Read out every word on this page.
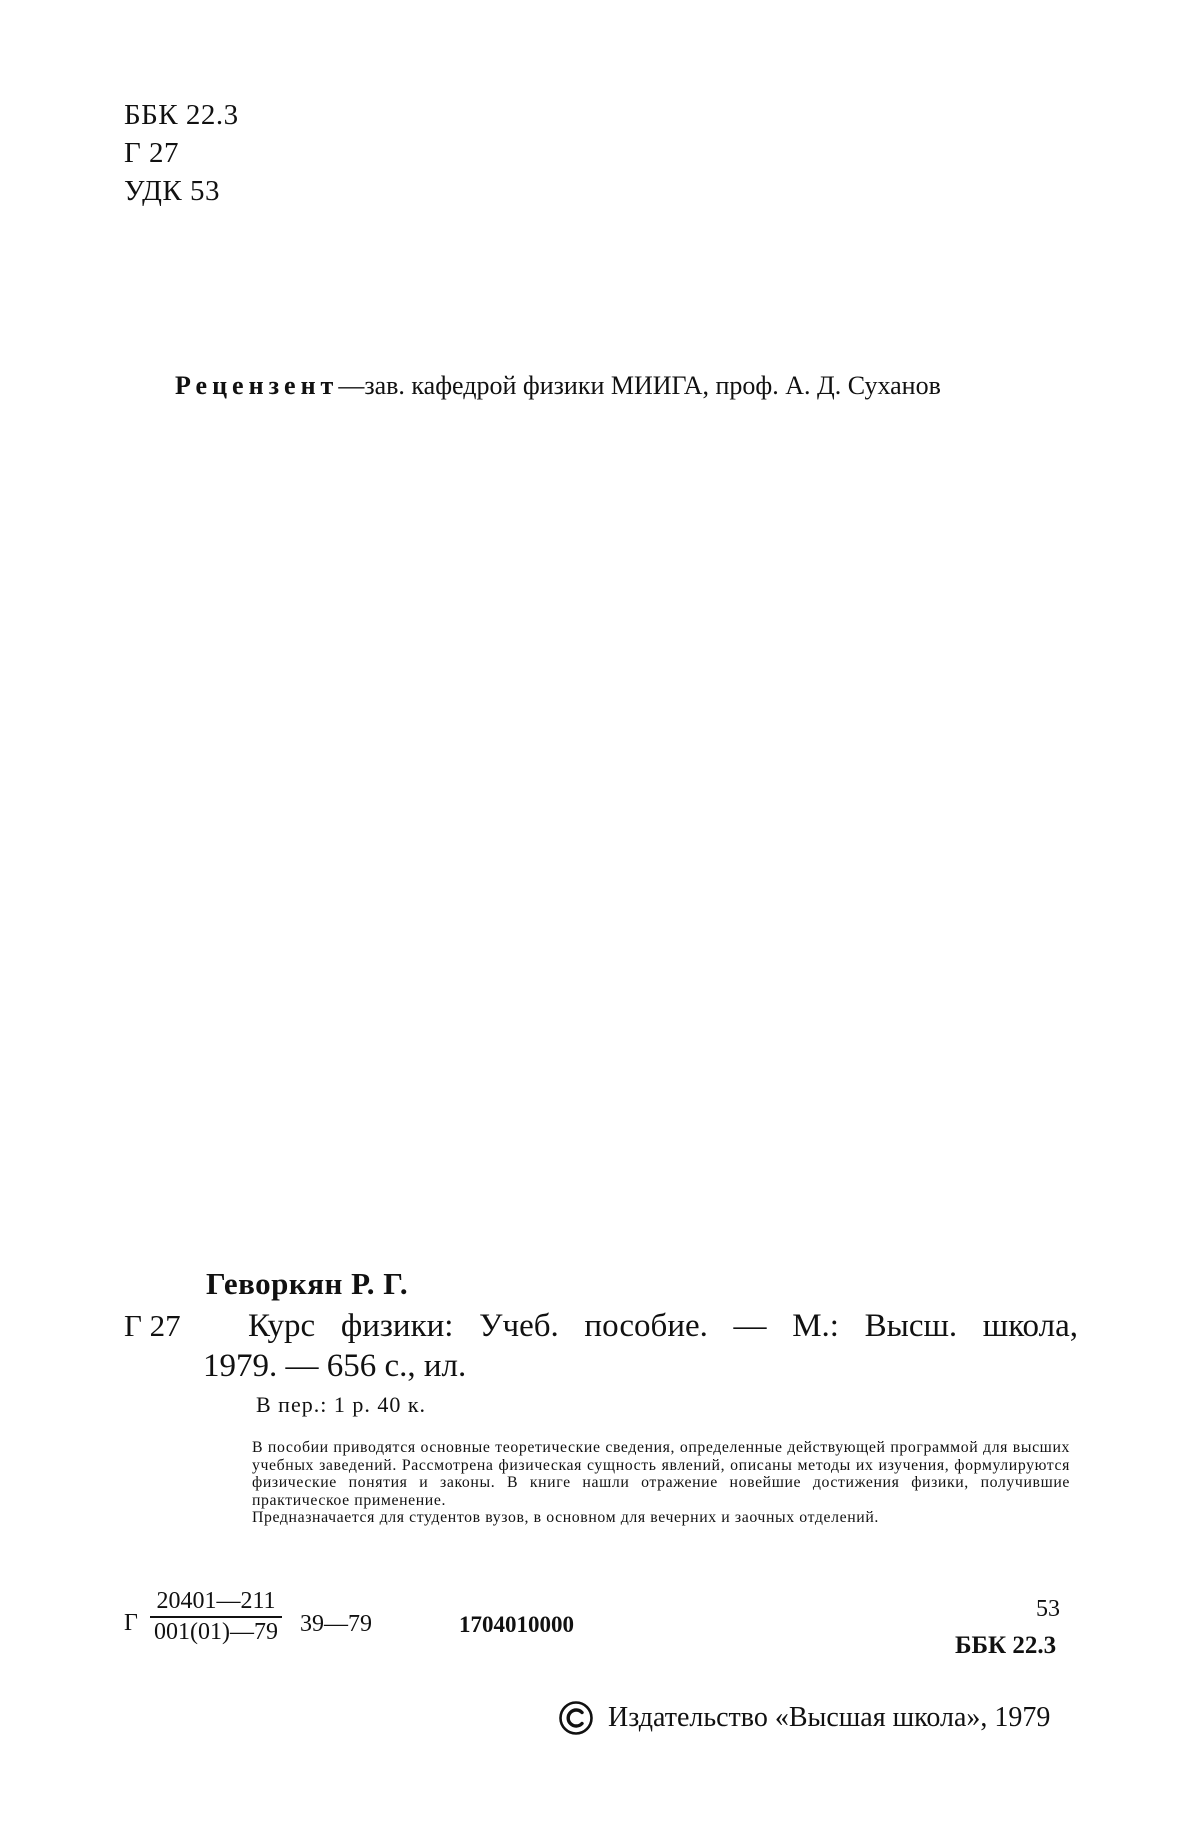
ББК 22.3
Г 27
УДК 53
Рецензент—зав. кафедрой физики МИИГА, проф. А. Д. Суханов
Геворкян Р. Г.
Г 27 Курс физики: Учеб. пособие. — М.: Высш. школа,
1979. — 656 с., ил.
В пер.: 1 р. 40 к.

В пособии приводятся основные теоретические сведения, определенные действующей программой для высших учебных заведений. Рассмотрена физическая сущность явлений, описаны методы их изучения, формулируются физические понятия и законы. В книге нашли отражение новейшие достижения физики, получившие практическое применение.

Предназначается для студентов вузов, в основном для вечерних и заочных отделений.

Г $\frac{20401—211}{001(01)—79}$ 39—79	1704010000
53
ББК 22.3
Издательство «Высшая школа», 1979
